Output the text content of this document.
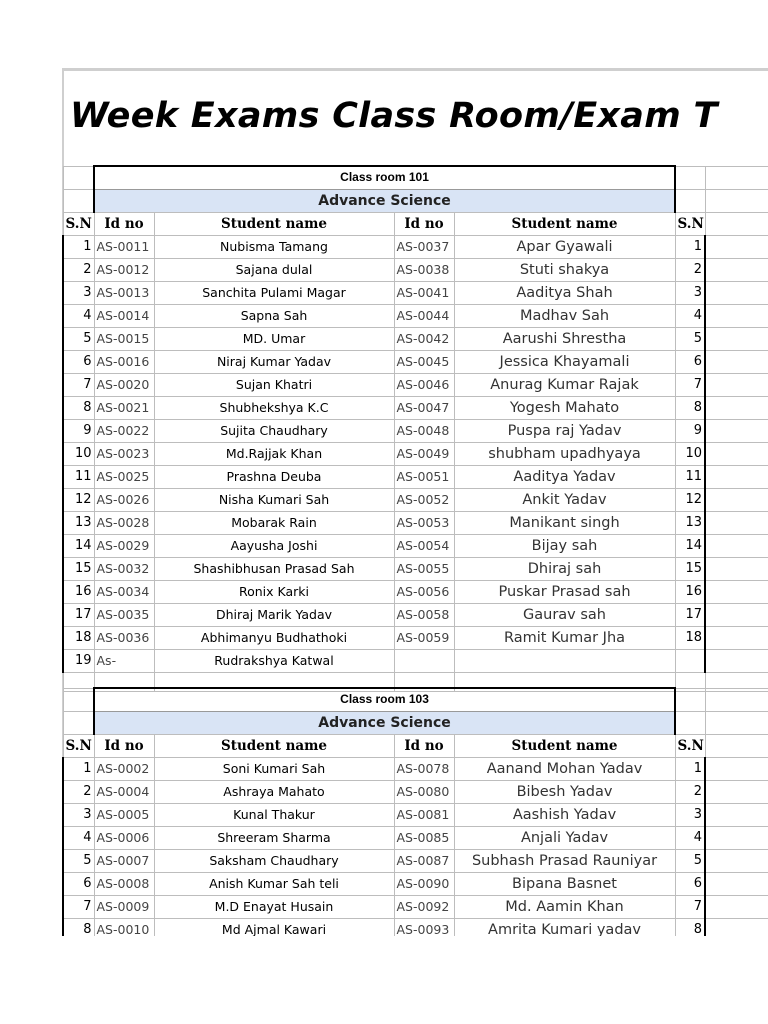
Week Exams Class Room/Exam T
	Class room 101					
	Advance Science					
S.N	Id no	Student name	Id no	Student name	S.N	
1	AS-0011	Nubisma Tamang	AS-0037	Apar Gyawali	1	
2	AS-0012	Sajana dulal	AS-0038	Stuti shakya	2	
3	AS-0013	Sanchita Pulami Magar	AS-0041	Aaditya Shah	3	
4	AS-0014	Sapna Sah	AS-0044	Madhav Sah	4	
5	AS-0015	MD. Umar	AS-0042	Aarushi Shrestha	5	
6	AS-0016	Niraj Kumar Yadav	AS-0045	Jessica Khayamali	6	
7	AS-0020	Sujan Khatri	AS-0046	Anurag Kumar Rajak	7	
8	AS-0021	Shubhekshya K.C	AS-0047	Yogesh Mahato	8	
9	AS-0022	Sujita Chaudhary	AS-0048	Puspa raj Yadav	9	
10	AS-0023	Md.Rajjak Khan	AS-0049	shubham upadhyaya	10	
11	AS-0025	Prashna Deuba	AS-0051	Aaditya Yadav	11	
12	AS-0026	Nisha Kumari Sah	AS-0052	Ankit Yadav	12	
13	AS-0028	Mobarak Rain	AS-0053	Manikant singh	13	
14	AS-0029	Aayusha Joshi	AS-0054	Bijay sah	14	
15	AS-0032	Shashibhusan Prasad Sah	AS-0055	Dhiraj sah	15	
16	AS-0034	Ronix Karki	AS-0056	Puskar Prasad sah	16	
17	AS-0035	Dhiraj Marik Yadav	AS-0058	Gaurav sah	17	
18	AS-0036	Abhimanyu Budhathoki	AS-0059	Ramit Kumar Jha	18	
19	As-	Rudrakshya Katwal				

	Class room 103					
	Advance Science					
S.N	Id no	Student name	Id no	Student name	S.N	
1	AS-0002	Soni Kumari Sah	AS-0078	Aanand Mohan Yadav	1	
2	AS-0004	Ashraya Mahato	AS-0080	Bibesh Yadav	2	
3	AS-0005	Kunal Thakur	AS-0081	Aashish Yadav	3	
4	AS-0006	Shreeram Sharma	AS-0085	Anjali Yadav	4	
5	AS-0007	Saksham Chaudhary	AS-0087	Subhash Prasad Rauniyar	5	
6	AS-0008	Anish Kumar Sah teli	AS-0090	Bipana Basnet	6	
7	AS-0009	M.D Enayat Husain	AS-0092	Md. Aamin Khan	7	
8	AS-0010	Md Ajmal Kawari	AS-0093	Amrita Kumari yadav	8	
